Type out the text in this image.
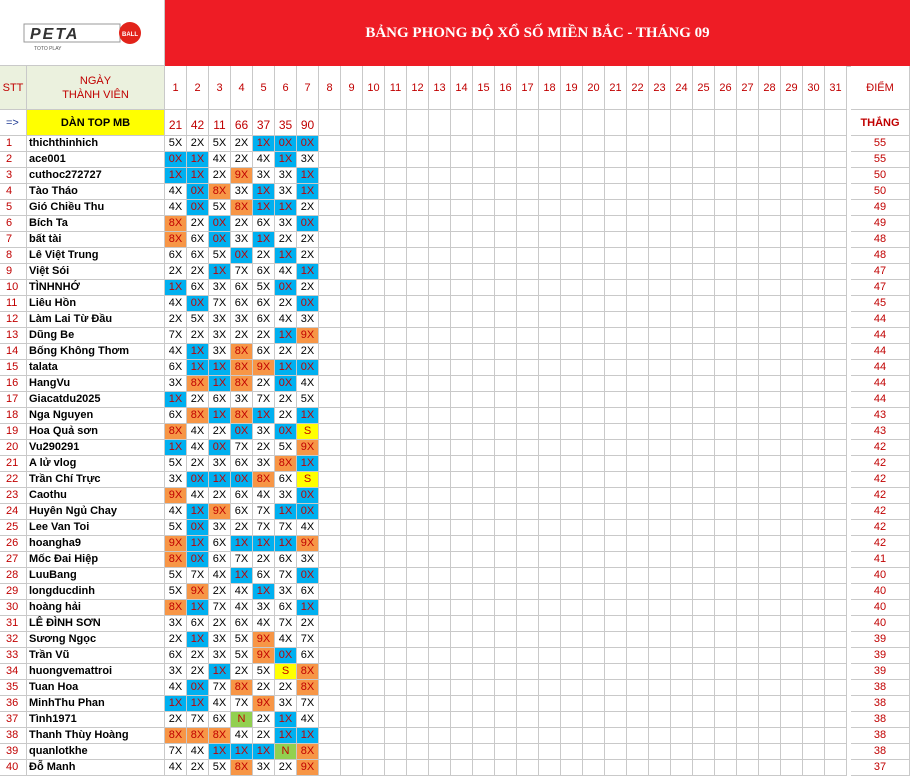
PETA	BALL
TOTO PLAY
BẢNG PHONG ĐỘ XỔ SỐ MIỀN BẮC - THÁNG 09
STT
NGÀY
THÀNH VIÊN
1	2	3	4	5	6	7	8	9	10 11 12 13 14 15 16 17 18 19 20 21 22 23 24 25 26 27 28 29 30 31	ĐIỂM
=>	DÀN TOP MB	21 42 11 66 37 35 90	THẮNG
1	thichthinhich	5X 2X 5X 2X 1X 0X 0X	55
2	ace001	0X 1X 4X 2X 4X 1X 3X	55
3	cuthoc272727	1X 1X 2X 9X 3X 3X 1X	50
4	Tào Tháo	4X 0X 8X 3X 1X 3X 1X	50
5	Gió Chiều Thu	4X 0X 5X 8X 1X 1X 2X	49
6	Bích Ta	8X 2X 0X 2X 6X 3X 0X	49
7	bất tài	8X 6X 0X 3X 1X 2X 2X	48
8	Lê Việt Trung	6X 6X 5X 0X 2X 1X 2X	48
9	Việt Sói	2X 2X 1X 7X 6X 4X 1X	47
10 TÌNHNHỚ	1X 6X 3X 6X 5X 0X 2X	47
11	Liêu Hồn	4X 0X 7X 6X 6X 2X 0X	45
12 Làm Lai Từ Đầu	2X 5X 3X 3X 6X 4X 3X	44
13 Dũng Be	7X 2X 3X 2X 2X 1X 9X	44
14 Bống Không Thơm	4X 1X 3X 8X 6X 2X 2X	44
15 talata	6X 1X 1X 8X 9X 1X 0X	44
16 HangVu	3X 8X 1X 8X 2X 0X 4X	44
17 Giacatdu2025	1X 2X 6X 3X 7X 2X 5X	44
18 Nga Nguyen	6X 8X 1X 8X 1X 2X 1X	43
19 Hoa Quả sơn	8X 4X 2X 0X 3X 0X	S	43
20 Vu290291	1X 4X 0X 7X 2X 5X 9X	42
21 A lử vlog	5X 2X 3X 6X 3X 8X 1X	42
22 Trần Chí Trực	3X 0X 1X 0X 8X 6X	S	42
23 Caothu	9X 4X 2X 6X 4X 3X 0X	42
24 Huyên Ngủ Chay	4X 1X 9X 6X 7X 1X 0X	42
25 Lee Van Toi	5X 0X 3X 2X 7X 7X 4X	42
26 hoangha9	9X 1X 6X 1X 1X 1X 9X	42
27 Mốc Đai Hiệp	8X 0X 6X 7X 2X 6X 3X	41
28 LuuBang	5X 7X 4X 1X 6X 7X 0X	40
29 longducdinh	5X 9X 2X 4X 1X 3X 6X	40
30 hoàng hải	8X 1X 7X 4X 3X 6X 1X	40
31 LÊ ĐÌNH SƠN	3X 6X 2X 6X 4X 7X 2X	40
32 Sương Ngọc	2X 1X 3X 5X 9X 4X 7X	39
33 Trần Vũ	6X 2X 3X 5X 9X 0X 6X	39
34 huongvemattroi	3X 2X 1X 2X 5X	S	8X	39
35 Tuan Hoa	4X 0X 7X 8X 2X 2X 8X	38
36 MinhThu Phan	1X 1X 4X 7X 9X 3X 7X	38
37 Tình1971	2X 7X 6X	N	2X 1X 4X	38
38 Thanh Thùy Hoàng	8X 8X 8X 4X 2X 1X 1X	38
39 quanlotkhe	7X 4X 1X 1X 1X	N	8X	38
40 Đỗ Manh	4X 2X 5X 8X 3X 2X 9X	37
